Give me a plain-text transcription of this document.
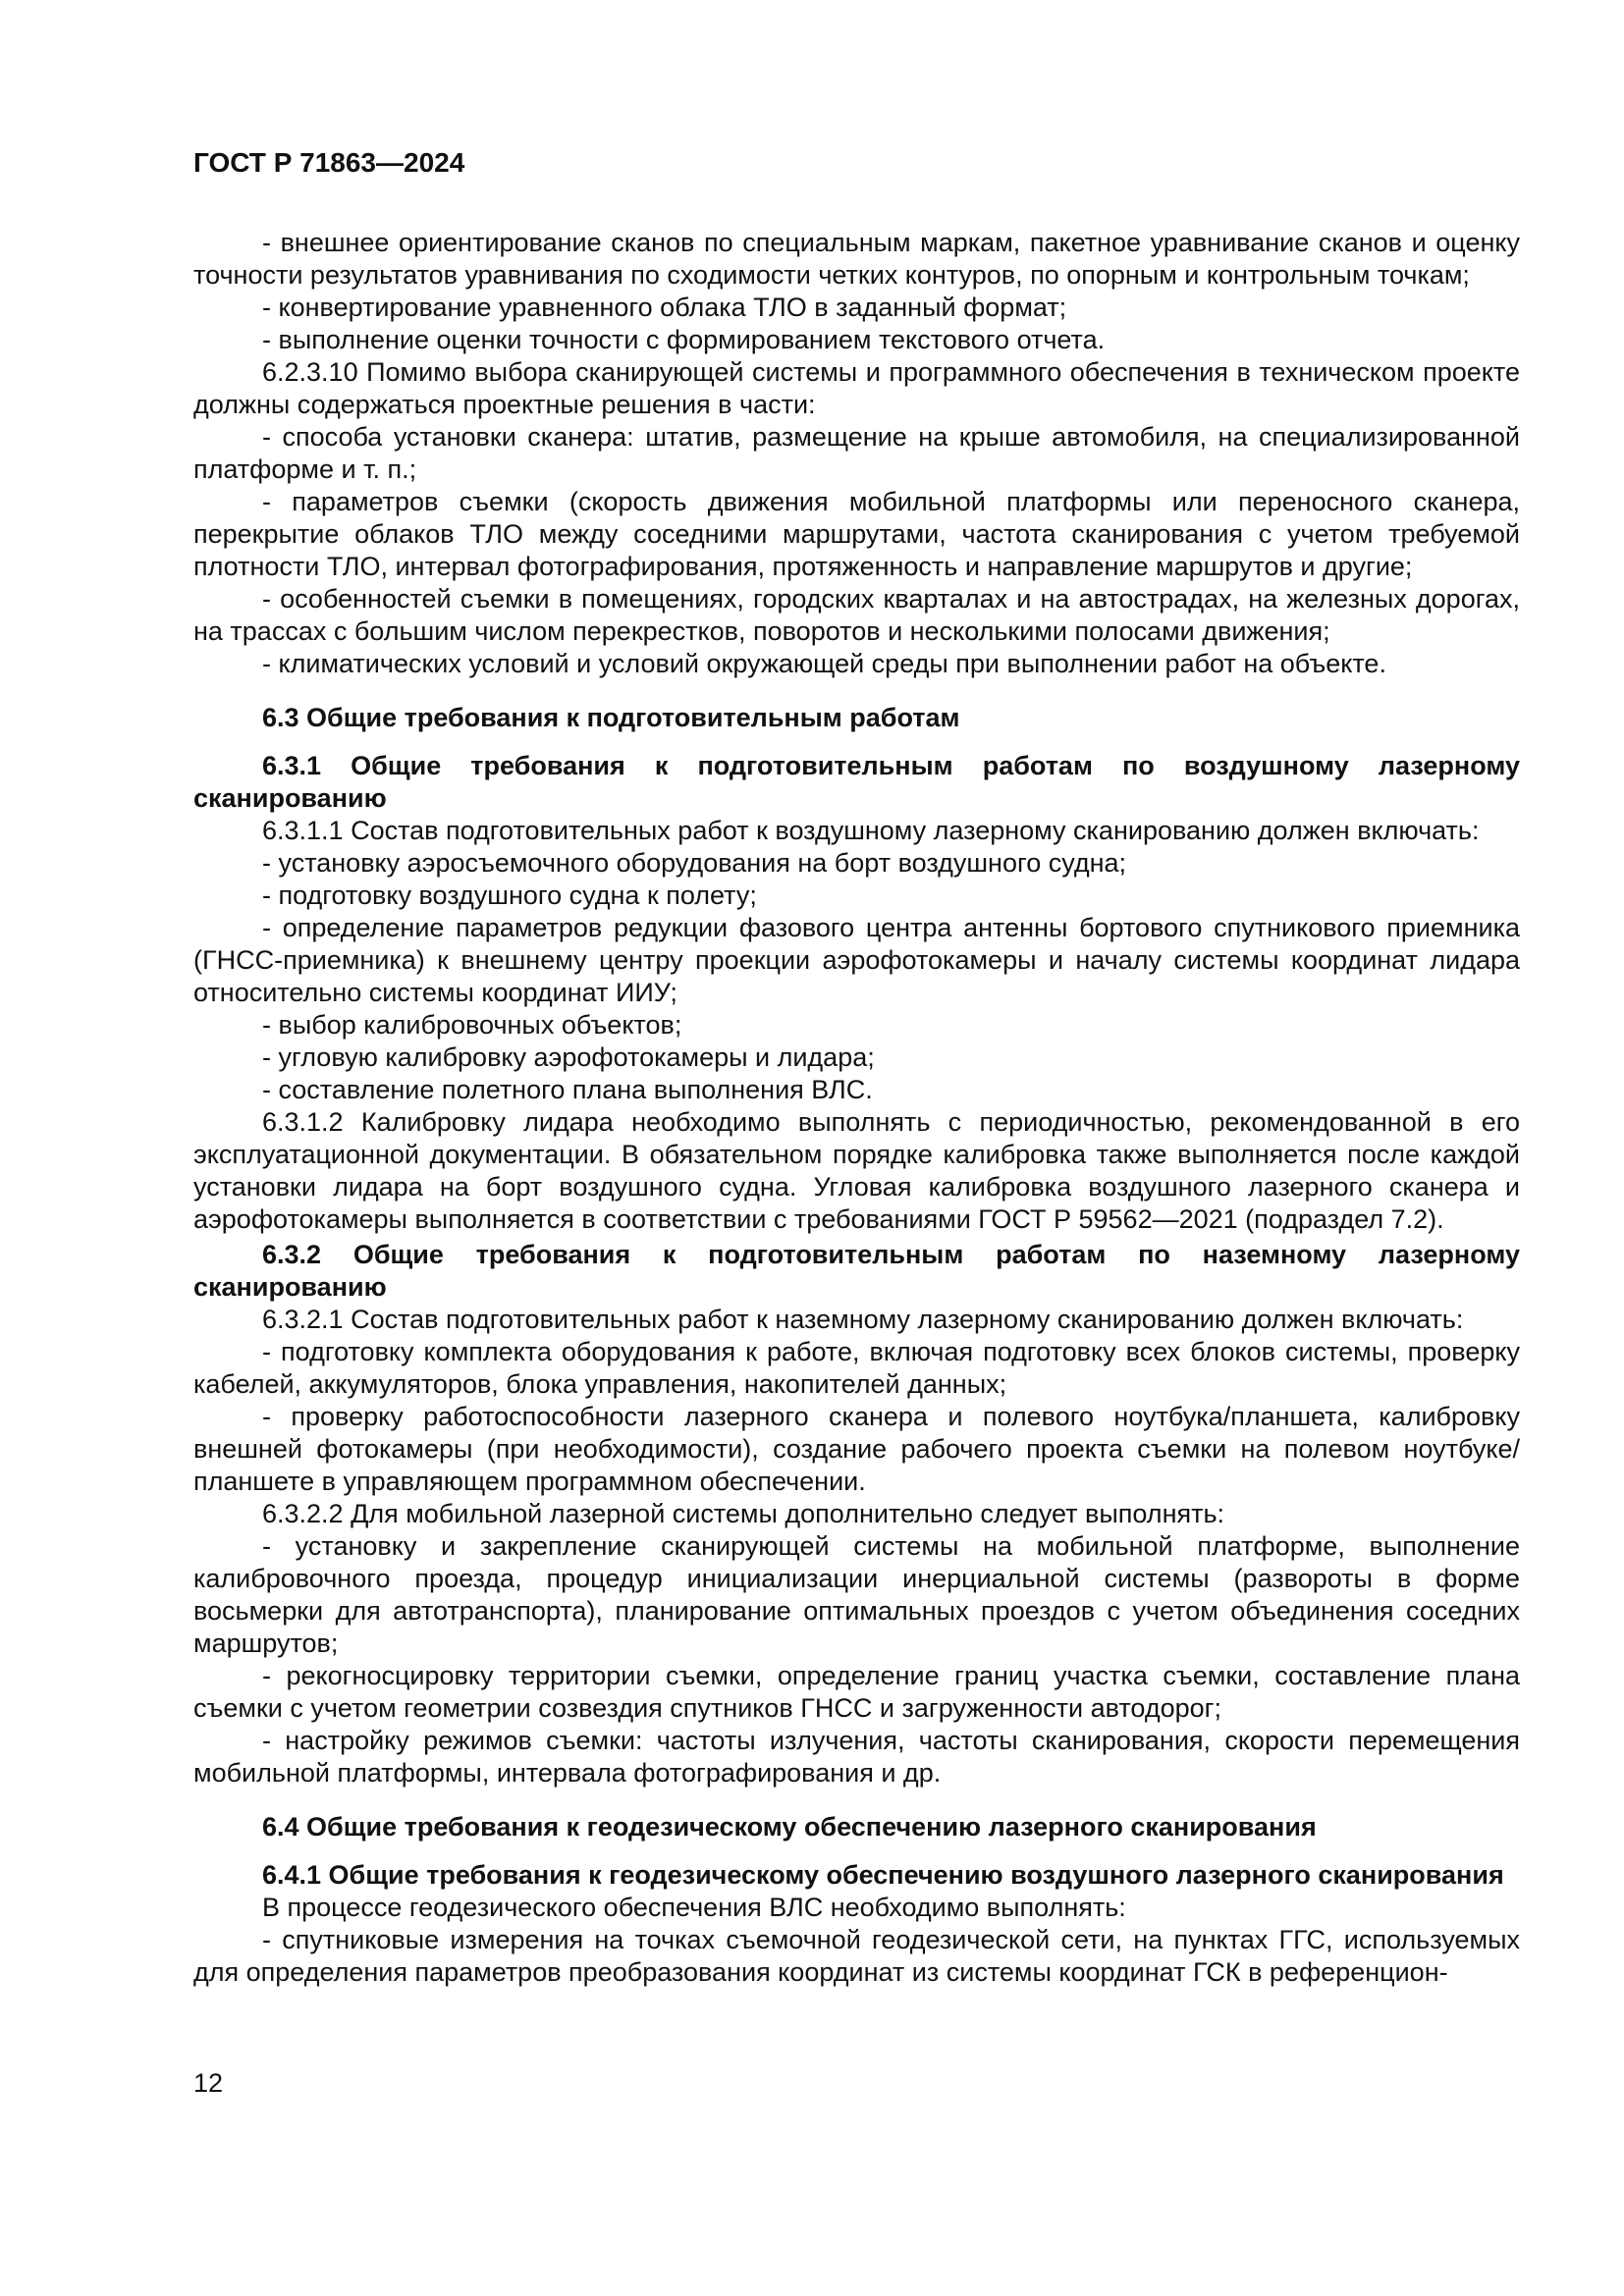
ГОСТ Р 71863—2024

- внешнее ориентирование сканов по специальным маркам, пакетное уравнивание сканов и оценку точности результатов уравнивания по сходимости четких контуров, по опорным и контрольным точкам;

- конвертирование уравненного облака ТЛО в заданный формат;

- выполнение оценки точности с формированием текстового отчета.

6.2.3.10 Помимо выбора сканирующей системы и программного обеспечения в техническом проекте должны содержаться проектные решения в части:

- способа установки сканера: штатив, размещение на крыше автомобиля, на специализированной платформе и т. п.;

- параметров съемки (скорость движения мобильной платформы или переносного сканера, перекрытие облаков ТЛО между соседними маршрутами, частота сканирования с учетом требуемой плотности ТЛО, интервал фотографирования, протяженность и направление маршрутов и другие;

- особенностей съемки в помещениях, городских кварталах и на автострадах, на железных дорогах, на трассах с большим числом перекрестков, поворотов и несколькими полосами движения;

- климатических условий и условий окружающей среды при выполнении работ на объекте.

6.3 Общие требования к подготовительным работам

6.3.1 Общие требования к подготовительным работам по воздушному лазерному сканированию

6.3.1.1 Состав подготовительных работ к воздушному лазерному сканированию должен включать:

- установку аэросъемочного оборудования на борт воздушного судна;

- подготовку воздушного судна к полету;

- определение параметров редукции фазового центра антенны бортового спутникового приемника (ГНСС-приемника) к внешнему центру проекции аэрофотокамеры и началу системы координат лидара относительно системы координат ИИУ;

- выбор калибровочных объектов;

- угловую калибровку аэрофотокамеры и лидара;

- составление полетного плана выполнения ВЛС.

6.3.1.2 Калибровку лидара необходимо выполнять с периодичностью, рекомендованной в его эксплуатационной документации. В обязательном порядке калибровка также выполняется после каждой установки лидара на борт воздушного судна. Угловая калибровка воздушного лазерного сканера и аэрофотокамеры выполняется в соответствии с требованиями ГОСТ Р 59562—2021 (подраздел 7.2).

6.3.2 Общие требования к подготовительным работам по наземному лазерному сканированию

6.3.2.1 Состав подготовительных работ к наземному лазерному сканированию должен включать:

- подготовку комплекта оборудования к работе, включая подготовку всех блоков системы, проверку кабелей, аккумуляторов, блока управления, накопителей данных;

- проверку работоспособности лазерного сканера и полевого ноутбука/планшета, калибровку внешней фотокамеры (при необходимости), создание рабочего проекта съемки на полевом ноутбуке/планшете в управляющем программном обеспечении.

6.3.2.2 Для мобильной лазерной системы дополнительно следует выполнять:

- установку и закрепление сканирующей системы на мобильной платформе, выполнение калибровочного проезда, процедур инициализации инерциальной системы (развороты в форме восьмерки для автотранспорта), планирование оптимальных проездов с учетом объединения соседних маршрутов;

- рекогносцировку территории съемки, определение границ участка съемки, составление плана съемки с учетом геометрии созвездия спутников ГНСС и загруженности автодорог;

- настройку режимов съемки: частоты излучения, частоты сканирования, скорости перемещения мобильной платформы, интервала фотографирования и др.

6.4 Общие требования к геодезическому обеспечению лазерного сканирования

6.4.1 Общие требования к геодезическому обеспечению воздушного лазерного сканирования

В процессе геодезического обеспечения ВЛС необходимо выполнять:

- спутниковые измерения на точках съемочной геодезической сети, на пунктах ГГС, используемых для определения параметров преобразования координат из системы координат ГСК в референцион-

12
